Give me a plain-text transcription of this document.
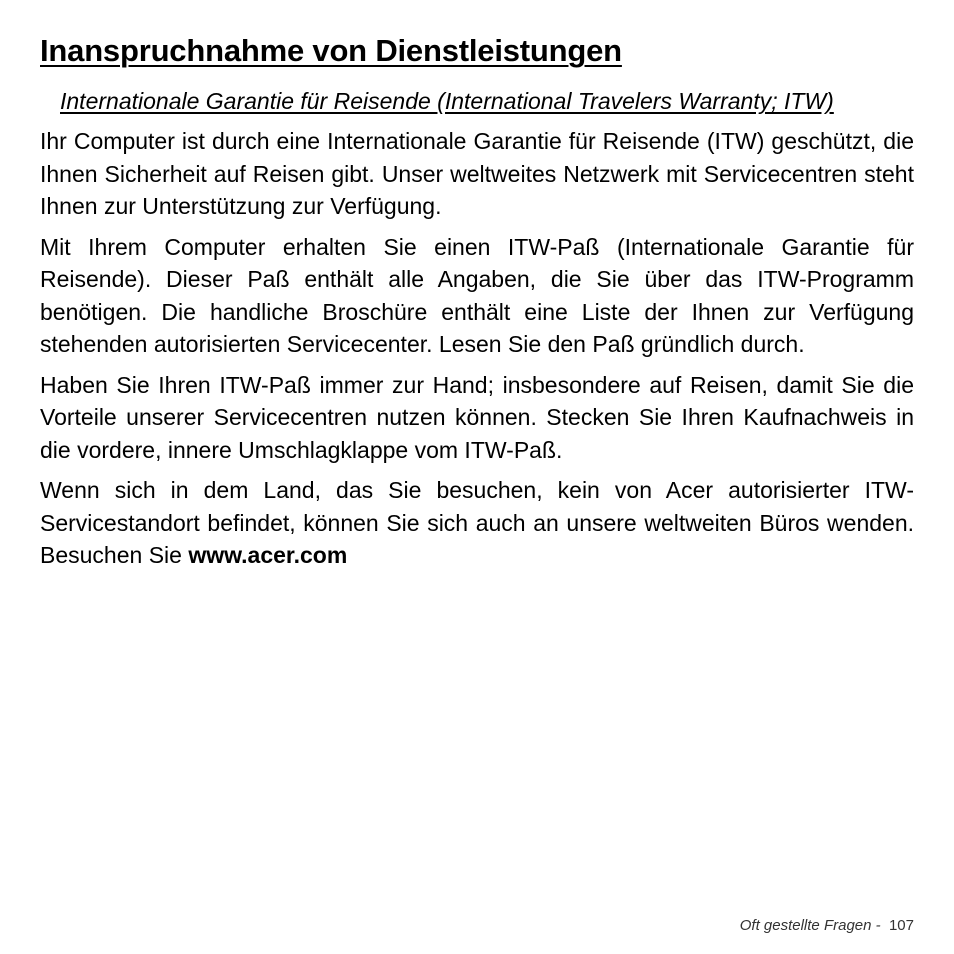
Inanspruchnahme von Dienstleistungen
Internationale Garantie für Reisende (International Travelers Warranty; ITW)

Ihr Computer ist durch eine Internationale Garantie für Reisende (ITW) geschützt, die Ihnen Sicherheit auf Reisen gibt. Unser weltweites Netzwerk mit Servicecentren steht Ihnen zur Unterstützung zur Verfügung.

Mit Ihrem Computer erhalten Sie einen ITW-Paß (Internationale Garantie für Reisende). Dieser Paß enthält alle Angaben, die Sie über das ITW-Programm benötigen. Die handliche Broschüre enthält eine Liste der Ihnen zur Verfügung stehenden autorisierten Servicecenter. Lesen Sie den Paß gründlich durch.

Haben Sie Ihren ITW-Paß immer zur Hand; insbesondere auf Reisen, damit Sie die Vorteile unserer Servicecentren nutzen können. Stecken Sie Ihren Kaufnachweis in die vordere, innere Umschlagklappe vom ITW-Paß.

Wenn sich in dem Land, das Sie besuchen, kein von Acer autorisierter ITW-Servicestandort befindet, können Sie sich auch an unsere weltweiten Büros wenden. Besuchen Sie www.acer.com

Oft gestellte Fragen -  107
